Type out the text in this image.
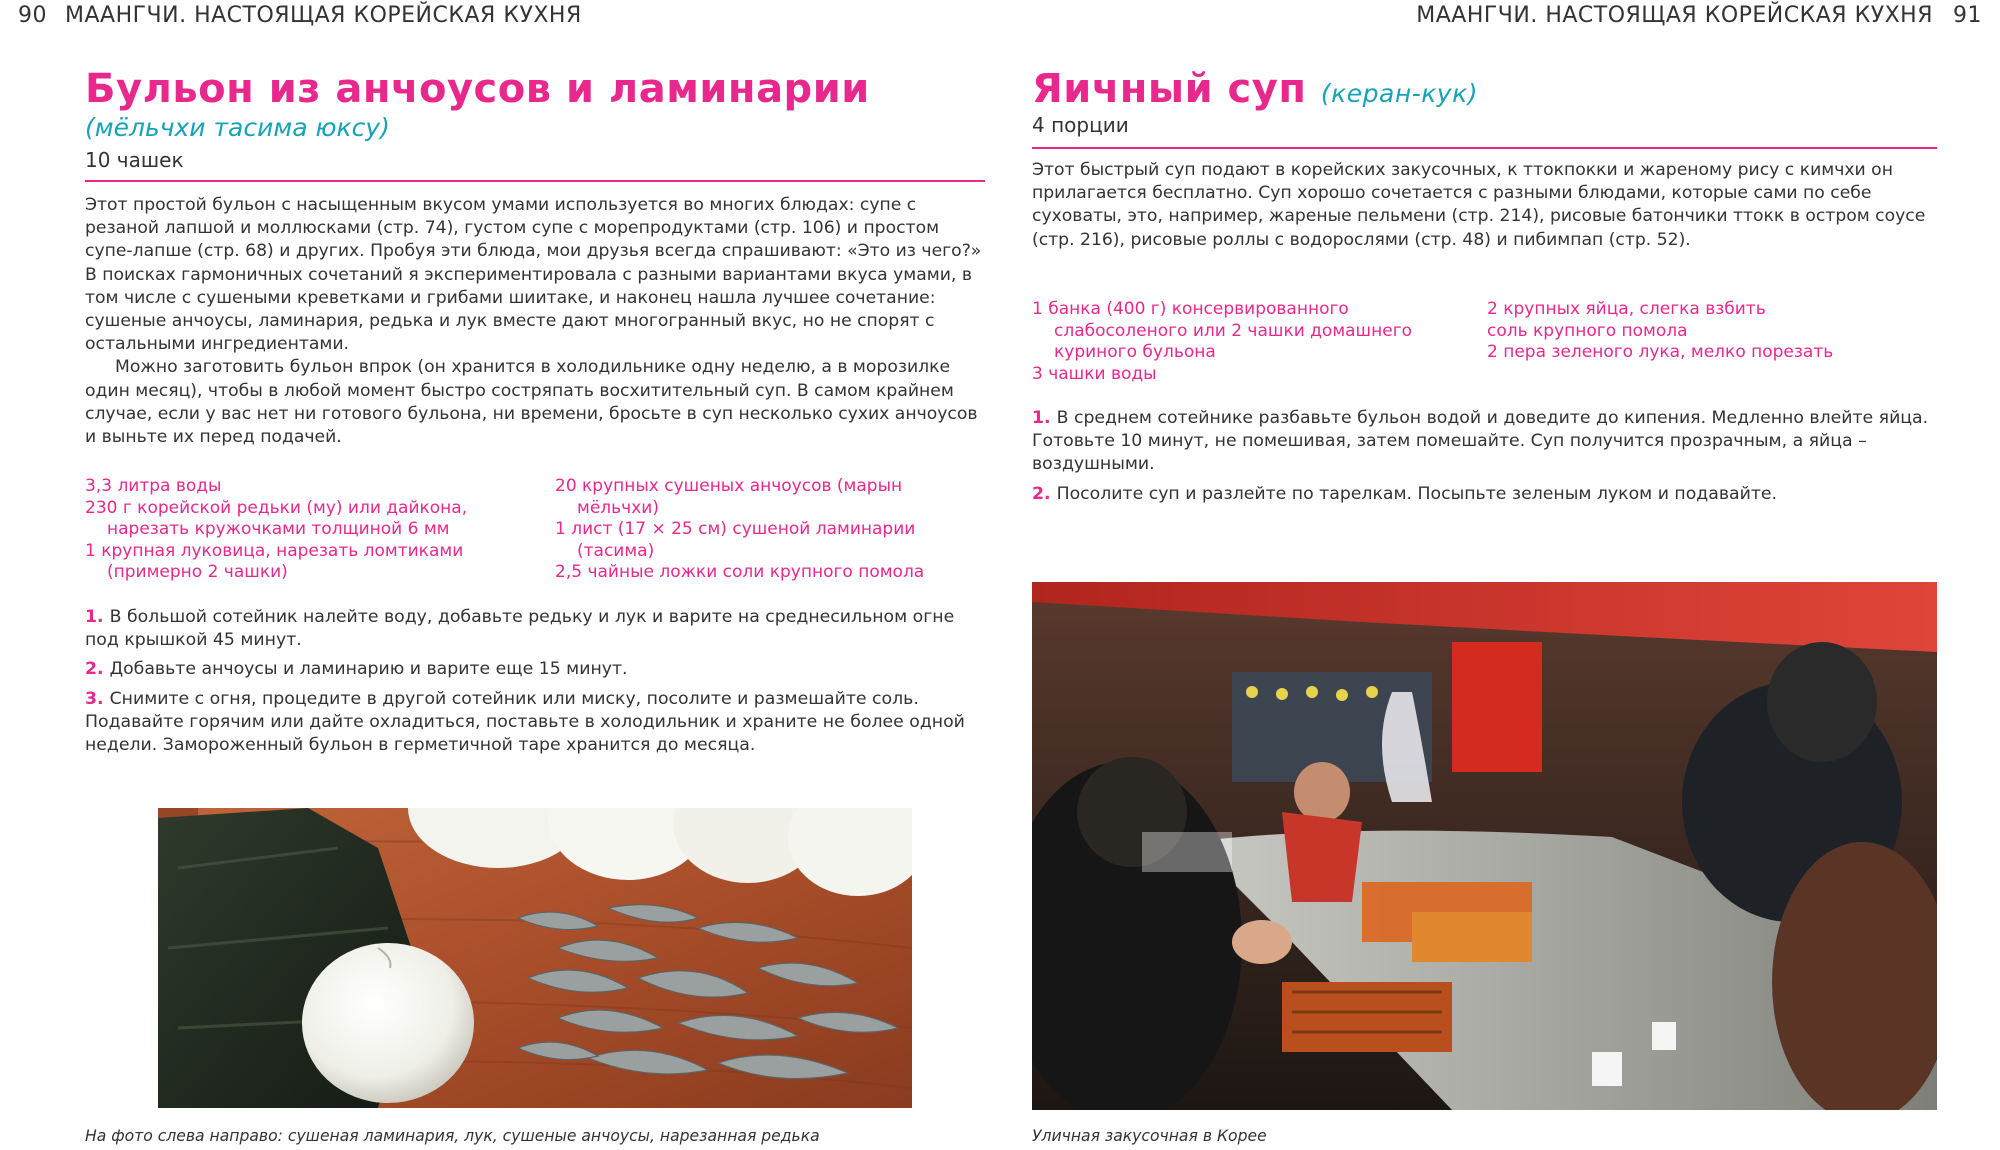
90 МААНГЧИ. НАСТОЯЩАЯ КОРЕЙСКАЯ КУХНЯ
Бульон из анчоусов и ламинарии
(мёльчхи тасима юксу)
10 чашек

Этот простой бульон с насыщенным вкусом умами используется во многих блюдах: супе с резаной лапшой и моллюсками (стр. 74), густом супе с морепродуктами (стр. 106) и простом супе-лапше (стр. 68) и других. Пробуя эти блюда, мои друзья всегда спрашивают: «Это из чего?» В поисках гармоничных сочетаний я экспериментировала с разными вариантами вкуса умами, в том числе с сушеными креветками и грибами шиитаке, и наконец нашла лучшее сочетание: сушеные анчоусы, ламинария, редька и лук вместе дают многогранный вкус, но не спорят с остальными ингредиентами.

Можно заготовить бульон впрок (он хранится в холодильнике одну неделю, а в морозилке один месяц), чтобы в любой момент быстро состряпать восхитительный суп. В самом крайнем случае, если у вас нет ни готового бульона, ни времени, бросьте в суп несколько сухих анчоусов и выньте их перед подачей.

3,3 литра воды
230 г корейской редьки (му) или дайкона, нарезать кружочками толщиной 6 мм
1 крупная луковица, нарезать ломтиками (примерно 2 чашки)
20 крупных сушеных анчоусов (марын мёльчхи)
1 лист (17 × 25 см) сушеной ламинарии (тасима)
2,5 чайные ложки соли крупного помола
1. В большой сотейник налейте воду, добавьте редьку и лук и варите на среднесильном огне под крышкой 45 минут.
2. Добавьте анчоусы и ламинарию и варите еще 15 минут.
3. Снимите с огня, процедите в другой сотейник или миску, посолите и размешайте соль. Подавайте горячим или дайте охладиться, поставьте в холодильник и храните не более одной недели. Замороженный бульон в герметичной таре хранится до месяца.
На фото слева направо: сушеная ламинария, лук, сушеные анчоусы, нарезанная редька
МААНГЧИ. НАСТОЯЩАЯ КОРЕЙСКАЯ КУХНЯ 91
Яичный суп (керан-кук)
4 порции

Этот быстрый суп подают в корейских закусочных, к ттокпокки и жареному рису с кимчхи он прилагается бесплатно. Суп хорошо сочетается с разными блюдами, которые сами по себе суховаты, это, например, жареные пельмени (стр. 214), рисовые батончики ттокк в остром соусе (стр. 216), рисовые роллы с водорослями (стр. 48) и пибимпап (стр. 52).

1 банка (400 г) консервированного слабосоленого или 2 чашки домашнего куриного бульона
3 чашки воды
2 крупных яйца, слегка взбить
соль крупного помола
2 пера зеленого лука, мелко порезать
1. В среднем сотейнике разбавьте бульон водой и доведите до кипения. Медленно влейте яйца. Готовьте 10 минут, не помешивая, затем помешайте. Суп получится прозрачным, а яйца – воздушными.
2. Посолите суп и разлейте по тарелкам. Посыпьте зеленым луком и подавайте.
Уличная закусочная в Корее
